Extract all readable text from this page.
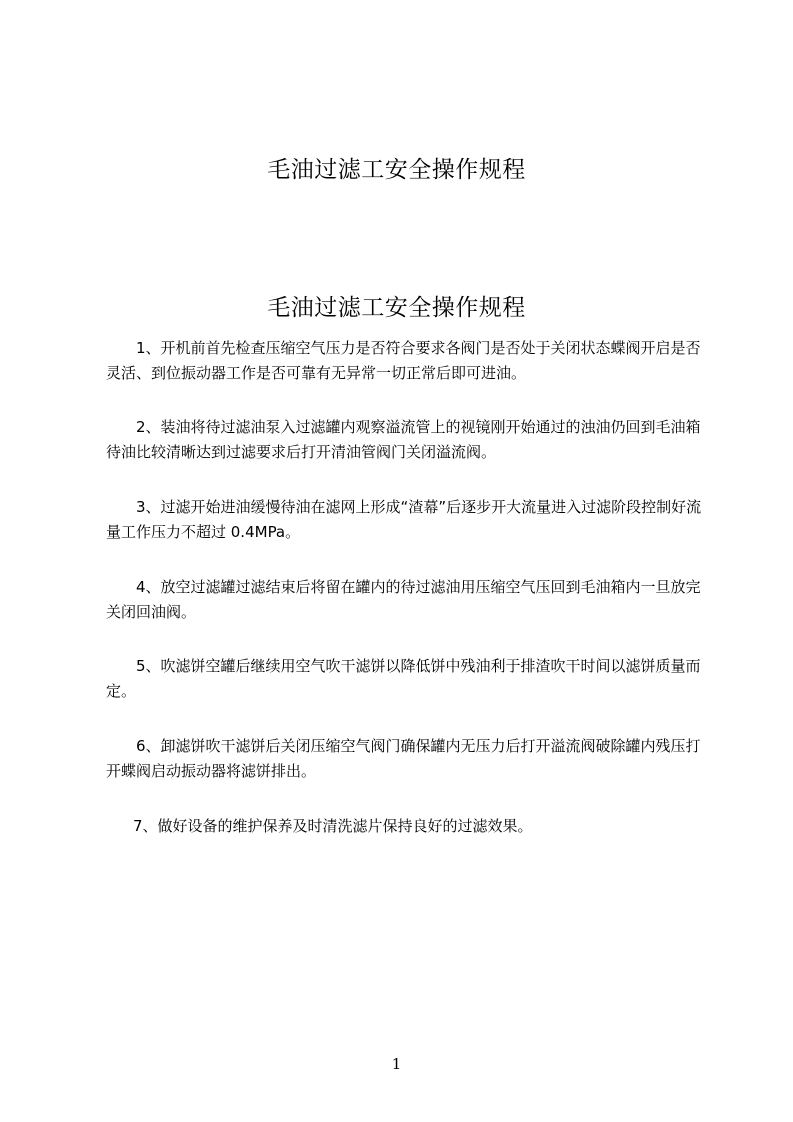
毛油过滤工安全操作规程
毛油过滤工安全操作规程

1、开机前首先检查压缩空气压力是否符合要求各阀门是否处于关闭状态蝶阀开启是否灵活、到位振动器工作是否可靠有无异常一切正常后即可进油。

2、装油将待过滤油泵入过滤罐内观察溢流管上的视镜刚开始通过的浊油仍回到毛油箱待油比较清晰达到过滤要求后打开清油管阀门关闭溢流阀。

3、过滤开始进油缓慢待油在滤网上形成“渣幕”后逐步开大流量进入过滤阶段控制好流量工作压力不超过 0.4MPa。

4、放空过滤罐过滤结束后将留在罐内的待过滤油用压缩空气压回到毛油箱内一旦放完关闭回油阀。

5、吹滤饼空罐后继续用空气吹干滤饼以降低饼中残油利于排渣吹干时间以滤饼质量而定。

6、卸滤饼吹干滤饼后关闭压缩空气阀门确保罐内无压力后打开溢流阀破除罐内残压打开蝶阀启动振动器将滤饼排出。

7、做好设备的维护保养及时清洗滤片保持良好的过滤效果。

1
